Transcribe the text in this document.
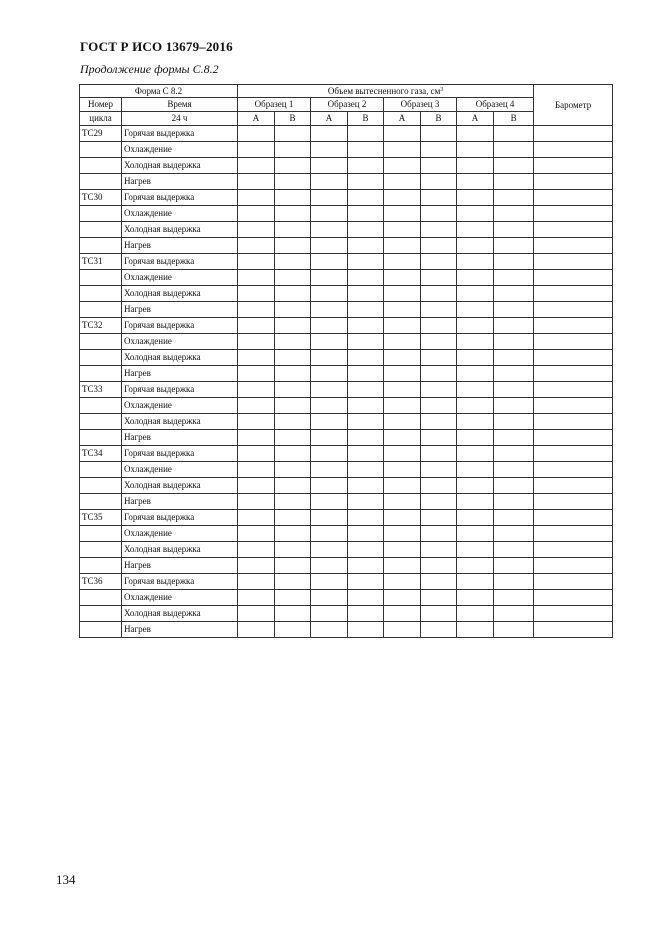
ГОСТ Р ИСО 13679–2016
Продолжение формы С.8.2
Форма С 8.2		Объем вытесненного газа, $см^3$								Барометр
Номер	Время	Образец 1		Образец 2		Образец 3		Образец 4		
цикла	24 ч	А	В	А	В	А	В	А	В	
TC29	Горячая выдержка									
	Охлаждение									
	Холодная выдержка									
	Нагрев									
TC30	Горячая выдержка									
	Охлаждение									
	Холодная выдержка									
	Нагрев									
TC31	Горячая выдержка									
	Охлаждение									
	Холодная выдержка									
	Нагрев									
TC32	Горячая выдержка									
	Охлаждение									
	Холодная выдержка									
	Нагрев									
TC33	Горячая выдержка									
	Охлаждение									
	Холодная выдержка									
	Нагрев									
TC34	Горячая выдержка									
	Охлаждение									
	Холодная выдержка									
	Нагрев									
TC35	Горячая выдержка									
	Охлаждение									
	Холодная выдержка									
	Нагрев									
TC36	Горячая выдержка									
	Охлаждение									
	Холодная выдержка									
	Нагрев									
134
